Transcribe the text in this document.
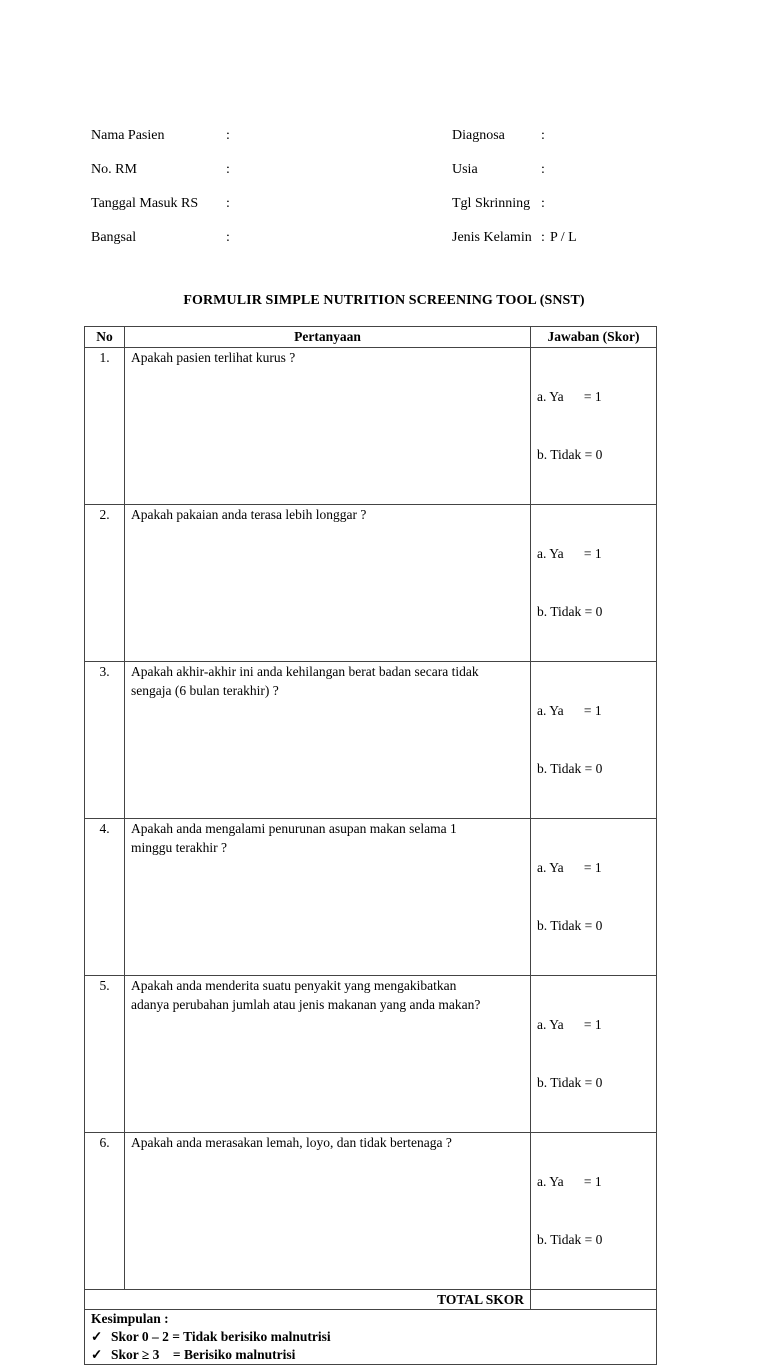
Nama Pasien	:
No. RM	:
Tanggal Masuk RS :
Bangsal	:
Diagnosa	:
Usia	:
Tgl Skrinning :
Jenis Kelamin : P / L
FORMULIR SIMPLE NUTRITION SCREENING TOOL (SNST)
No	Pertanyaan	Jawaban (Skor)
1.	Apakah pasien terlihat kurus ?	a. Ya      = 1

b. Tidak = 0

2.	Apakah pakaian anda terasa lebih longgar ?	a. Ya      = 1

b. Tidak = 0

3.	Apakah akhir-akhir ini anda kehilangan berat badan secara tidak
sengaja (6 bulan terakhir) ?	a. Ya      = 1

b. Tidak = 0

4.	Apakah anda mengalami penurunan asupan makan selama 1
minggu terakhir ?	a. Ya      = 1

b. Tidak = 0

5.	Apakah anda menderita suatu penyakit yang mengakibatkan
adanya perubahan jumlah atau jenis makanan yang anda makan?	a. Ya      = 1

b. Tidak = 0

6.	Apakah anda merasakan lemah, loyo, dan tidak bertenaga ?	a. Ya      = 1

b. Tidak = 0

TOTAL SKOR		

Kesimpulan :
✓ Skor 0 – 2 = Tidak berisiko malnutrisi
✓ Skor ≥ 3    = Berisiko malnutrisi		
